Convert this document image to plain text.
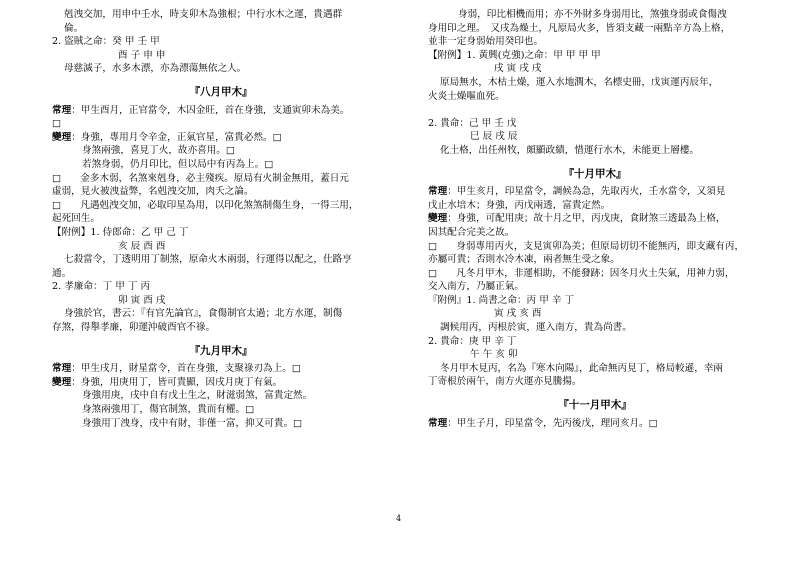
剋洩交加，用申中壬水，時支卯木為強根；中行水木之運，貴遇群

倫。

2. 盜賊之命：癸 甲 壬 甲

酉 子 申 申

母慈滅子，水多木漂，亦為漂蕩無依之人。

『八月甲木』

常理：甲生酉月，正官當令，木囚金旺，首在身強，支通寅卯未為美。

□

變理：身強，專用月令辛金，正氣官星，富貴必然。□

身煞兩強，喜見丁火，故亦喜用。□

若煞身弱，仍月印比，但以局中有丙為上。□

□　　金多木弱，名煞來剋身，必主殘疾。原局有火制金無用，蓋日元

虛弱，見火被洩益弊，名剋洩交加，肉夭之論。

□　　凡遇剋洩交加，必取印星為用，以印化煞煞制傷生身，一得三用，

起死回生。

【附例】1. 侍郎命：乙 甲 己 丁

亥 辰 酉 酉

七殺當令，丁透明用丁制煞，原命火木兩弱，行運得以配之，仕路亨

通。

2. 孝廉命：丁 甲 丁 丙

卯 寅 酉 戌

身強於官，書云：『有官先論官』，食傷制官太過；北方水運，制傷

存煞，得舉孝廉，卯運沖破酉官不祿。

『九月甲木』

常理：甲生戌月，財星當令，首在身強，支聚祿刃為上。□

變理：身強，用庚用丁，皆可貴顯，因戌月庚丁有氣。

身強用庚，戌中自有戊土生之，財滋弱煞，富貴定然。

身煞兩強用丁，傷官制煞，貴而有權。□

身強用丁洩身，戌中有財，非僅一富，抑又可貴。□

身弱，印比相機而用；亦不外財多身弱用比，煞強身弱或食傷洩

身用印之理。　又戌為燥土，凡原局火多，皆須支藏一兩點辛方為上格，

並非一定身弱始用癸印也。

【附例】1. 黃興(克強)之命：甲 甲 甲 甲

戌 寅 戌 戌

原局無水，木枯土燥，運入水地潤木，名標史冊，戊寅運丙辰年，

火炎土燥嘔血死。

2. 貴命：己 甲 壬 戊

巳 辰 戌 辰

化土格，出任州牧，頗顯政績，惜運行水木，未能更上層樓。

『十月甲木』

常理：甲生亥月，印星當令，調候為急，先取丙火，壬水當令，又須見

戊止水培木；身強，丙戊兩透，富貴定然。

變理：身強，可配用庚；故十月之甲，丙戊庚，食財煞三透最為上格，

因其配合完美之故。

□　　身弱專用丙火，支見寅卯為美；但原局切切不能無丙，即支藏有丙，

亦屬可貴；否則水冷木凍，兩者無生受之象。

□　　凡冬月甲木，非運相助，不能發跡；因冬月火土失氣，用神力弱，

交入南方，乃屬正氣。

『附例』1. 尚書之命：丙 甲 辛 丁

寅 戌 亥 酉

調候用丙，丙根於寅，運入南方，貴為尚書。

2. 貴命：庚 甲 辛 丁

午 午 亥 卯

冬月甲木見丙，名為『寒木向陽』，此命無丙見丁，格局較遜，幸兩

丁寄根於兩午，南方火運亦見騰揚。

『十一月甲木』

常理：甲生子月，印星當令，先丙後戊，理同亥月。□

4
